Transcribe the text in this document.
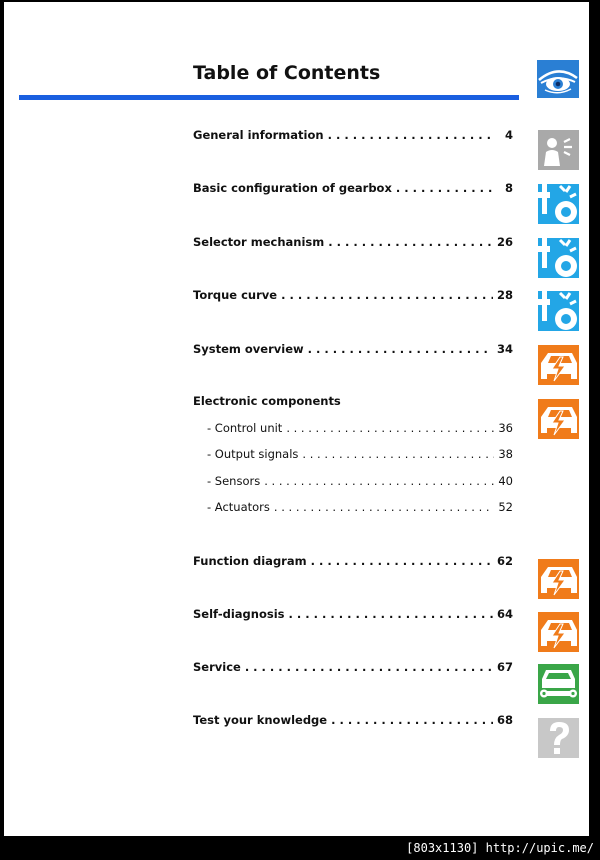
Table of Contents
General information . . .	4
Basic configuration of gearbox . . .	8
Selector mechanism . . .	26
Torque curve . . .	28
System overview . . .	34
Electronic components
- Control unit . . .	36
- Output signals . . .	38
- Sensors . . .	40
- Actuators . . .	52
Function diagram . . .	62
Self-diagnosis . . .	64
Service . . .	67
Test your knowledge . . .	68
[803x1130] http://upic.me/
